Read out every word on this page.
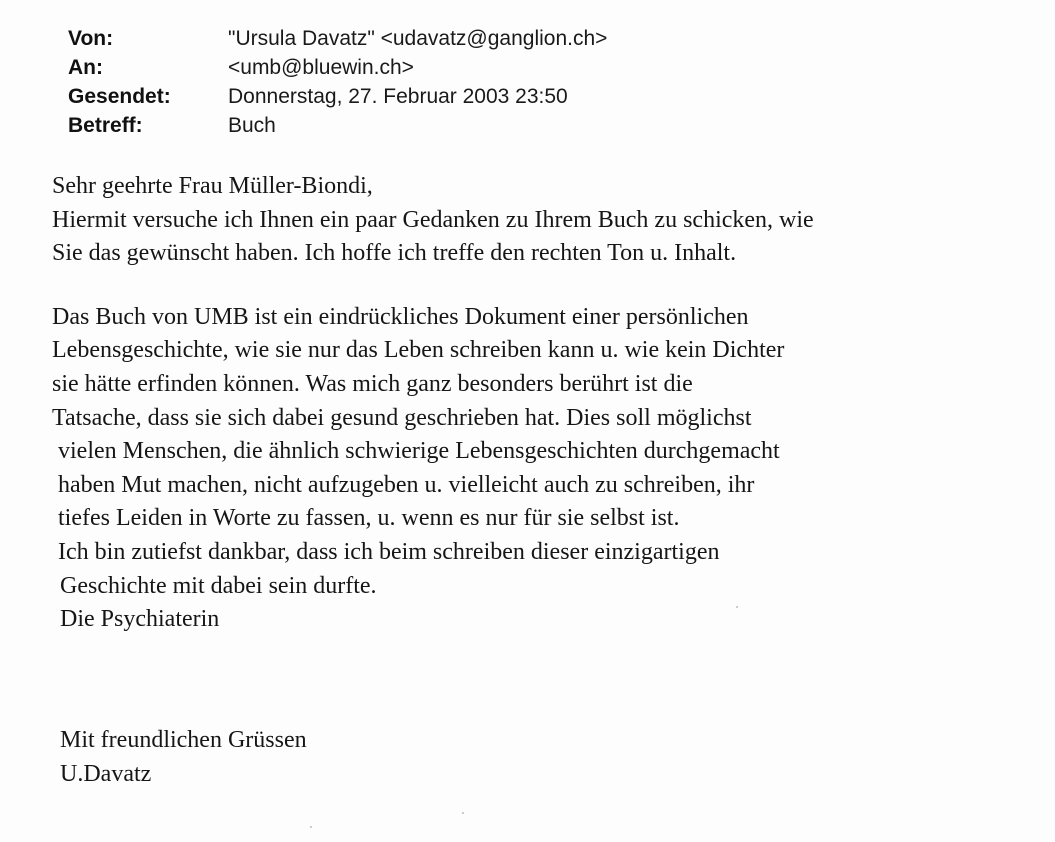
Von:	"Ursula Davatz" <udavatz@ganglion.ch>
An:	<umb@bluewin.ch>
Gesendet:	Donnerstag, 27. Februar 2003 23:50
Betreff:	Buch
Sehr geehrte Frau Müller-Biondi,
Hiermit versuche ich Ihnen ein paar Gedanken zu Ihrem Buch zu schicken, wie
Sie das gewünscht haben. Ich hoffe ich treffe den rechten Ton u. Inhalt.
Das Buch von UMB ist ein eindrückliches Dokument einer persönlichen
Lebensgeschichte, wie sie nur das Leben schreiben kann u. wie kein Dichter
sie hätte erfinden können. Was mich ganz besonders berührt ist die
Tatsache, dass sie sich dabei gesund geschrieben hat. Dies soll möglichst
vielen Menschen, die ähnlich schwierige Lebensgeschichten durchgemacht
haben Mut machen, nicht aufzugeben u. vielleicht auch zu schreiben, ihr
tiefes Leiden in Worte zu fassen, u. wenn es nur für sie selbst ist.
Ich bin zutiefst dankbar, dass ich beim schreiben dieser einzigartigen
Geschichte mit dabei sein durfte.
Die Psychiaterin
Mit freundlichen Grüssen
U.Davatz
